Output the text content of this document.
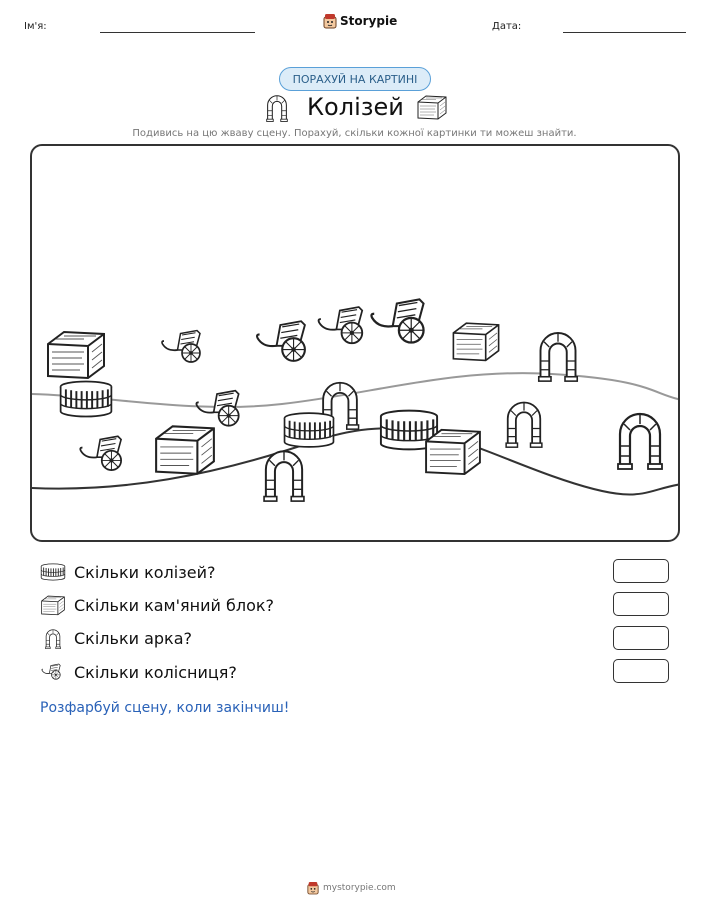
Ім'я:	Storypie	Дата:
ПОРАХУЙ НА КАРТИНІ
Колізей
Подивись на цю жваву сцену. Порахуй, скільки кожної картинки ти можеш знайти.
Скільки колізей?
Скільки кам'яний блок?
Скільки арка?
Скільки колісниця?
Розфарбуй сцену, коли закінчиш!
mystorypie.com
